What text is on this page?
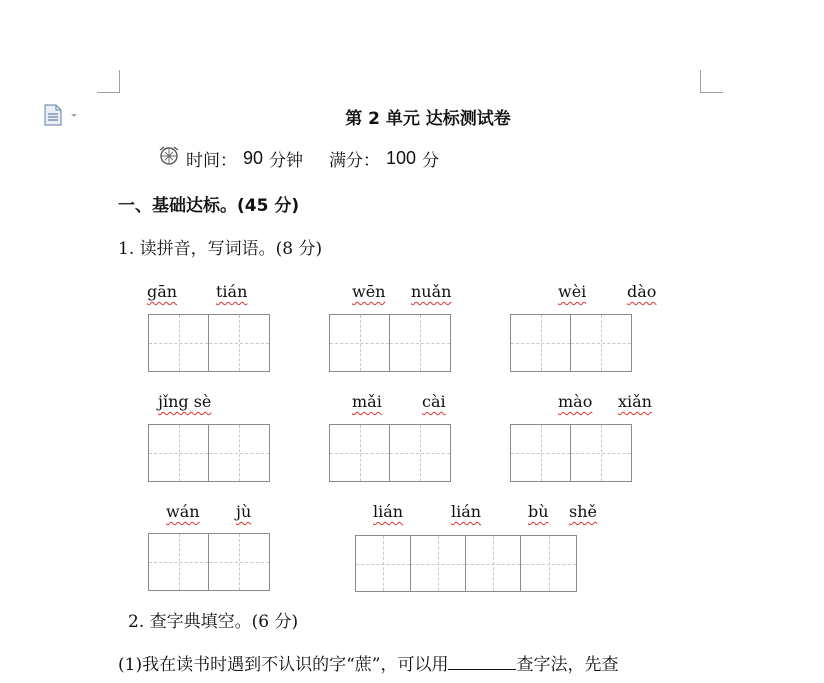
第 2 单元 达标测试卷
时间： 90 分钟 满分： 100 分
一、基础达标。(45 分)
1. 读拼音，写词语。(8 分)
gān tián	wēn nuǎn	wèi	dào
jǐng sè	mǎi	cài	mào xiǎn
wán jù	lián	lián	bù shě
2. 查字典填空。(6 分)
(1)我在读书时遇到不认识的字“蔗”，可以用	查字法，先查
